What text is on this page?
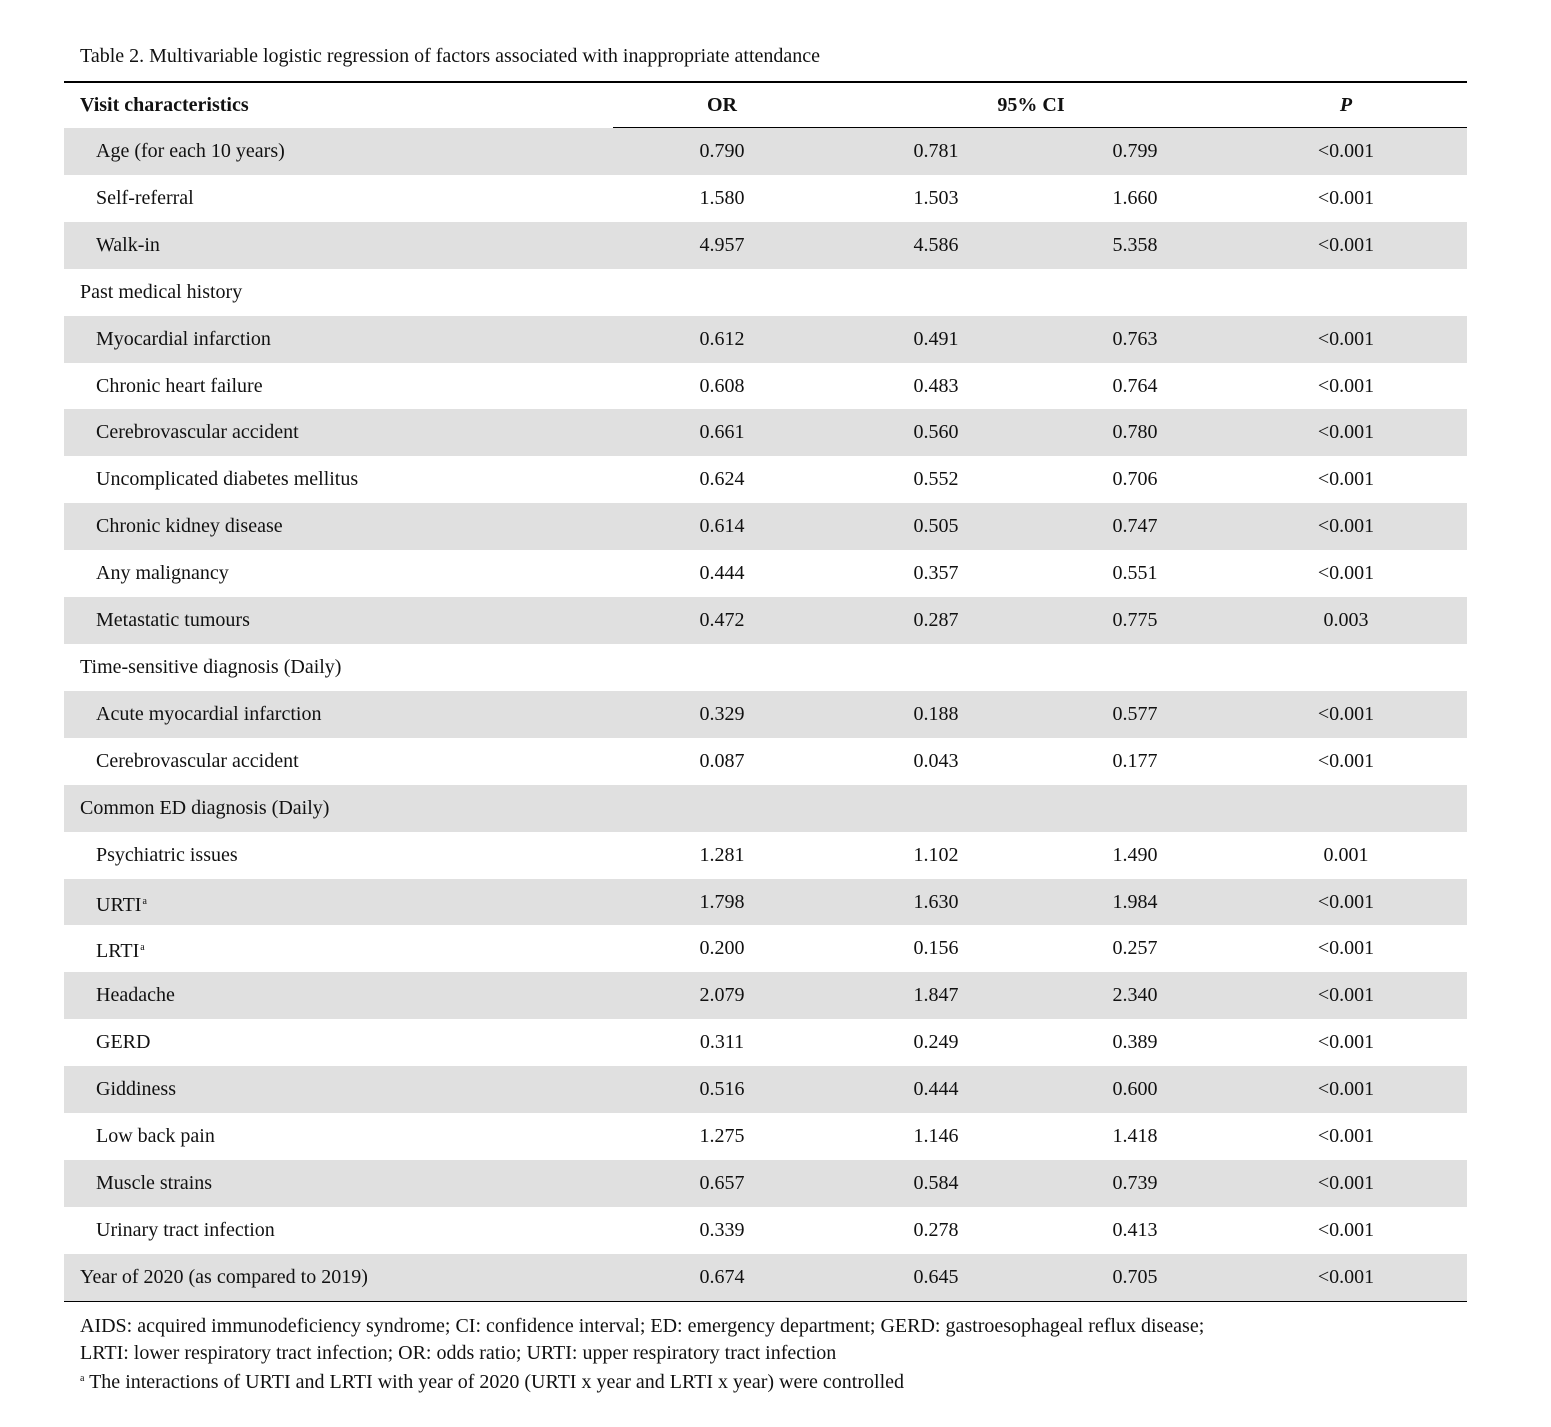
Table 2. Multivariable logistic regression of factors associated with inappropriate attendance
Visit characteristics	OR	95% CI	P
Age (for each 10 years)	0.790	0.781	0.799	<0.001
Self-referral	1.580	1.503	1.660	<0.001
Walk-in	4.957	4.586	5.358	<0.001
Past medical history
Myocardial infarction	0.612	0.491	0.763	<0.001
Chronic heart failure	0.608	0.483	0.764	<0.001
Cerebrovascular accident	0.661	0.560	0.780	<0.001
Uncomplicated diabetes mellitus	0.624	0.552	0.706	<0.001
Chronic kidney disease	0.614	0.505	0.747	<0.001
Any malignancy	0.444	0.357	0.551	<0.001
Metastatic tumours	0.472	0.287	0.775	0.003
Time-sensitive diagnosis (Daily)
Acute myocardial infarction	0.329	0.188	0.577	<0.001
Cerebrovascular accident	0.087	0.043	0.177	<0.001
Common ED diagnosis (Daily)
Psychiatric issues	1.281	1.102	1.490	0.001
URTI$^a$	1.798	1.630	1.984	<0.001
LRTI$^a$	0.200	0.156	0.257	<0.001
Headache	2.079	1.847	2.340	<0.001
GERD	0.311	0.249	0.389	<0.001
Giddiness	0.516	0.444	0.600	<0.001
Low back pain	1.275	1.146	1.418	<0.001
Muscle strains	0.657	0.584	0.739	<0.001
Urinary tract infection	0.339	0.278	0.413	<0.001
Year of 2020 (as compared to 2019)	0.674	0.645	0.705	<0.001
AIDS: acquired immunodeficiency syndrome; CI: confidence interval; ED: emergency department; GERD: gastroesophageal reflux disease;
LRTI: lower respiratory tract infection; OR: odds ratio; URTI: upper respiratory tract infection
$^a$ The interactions of URTI and LRTI with year of 2020 (URTI x year and LRTI x year) were controlled
